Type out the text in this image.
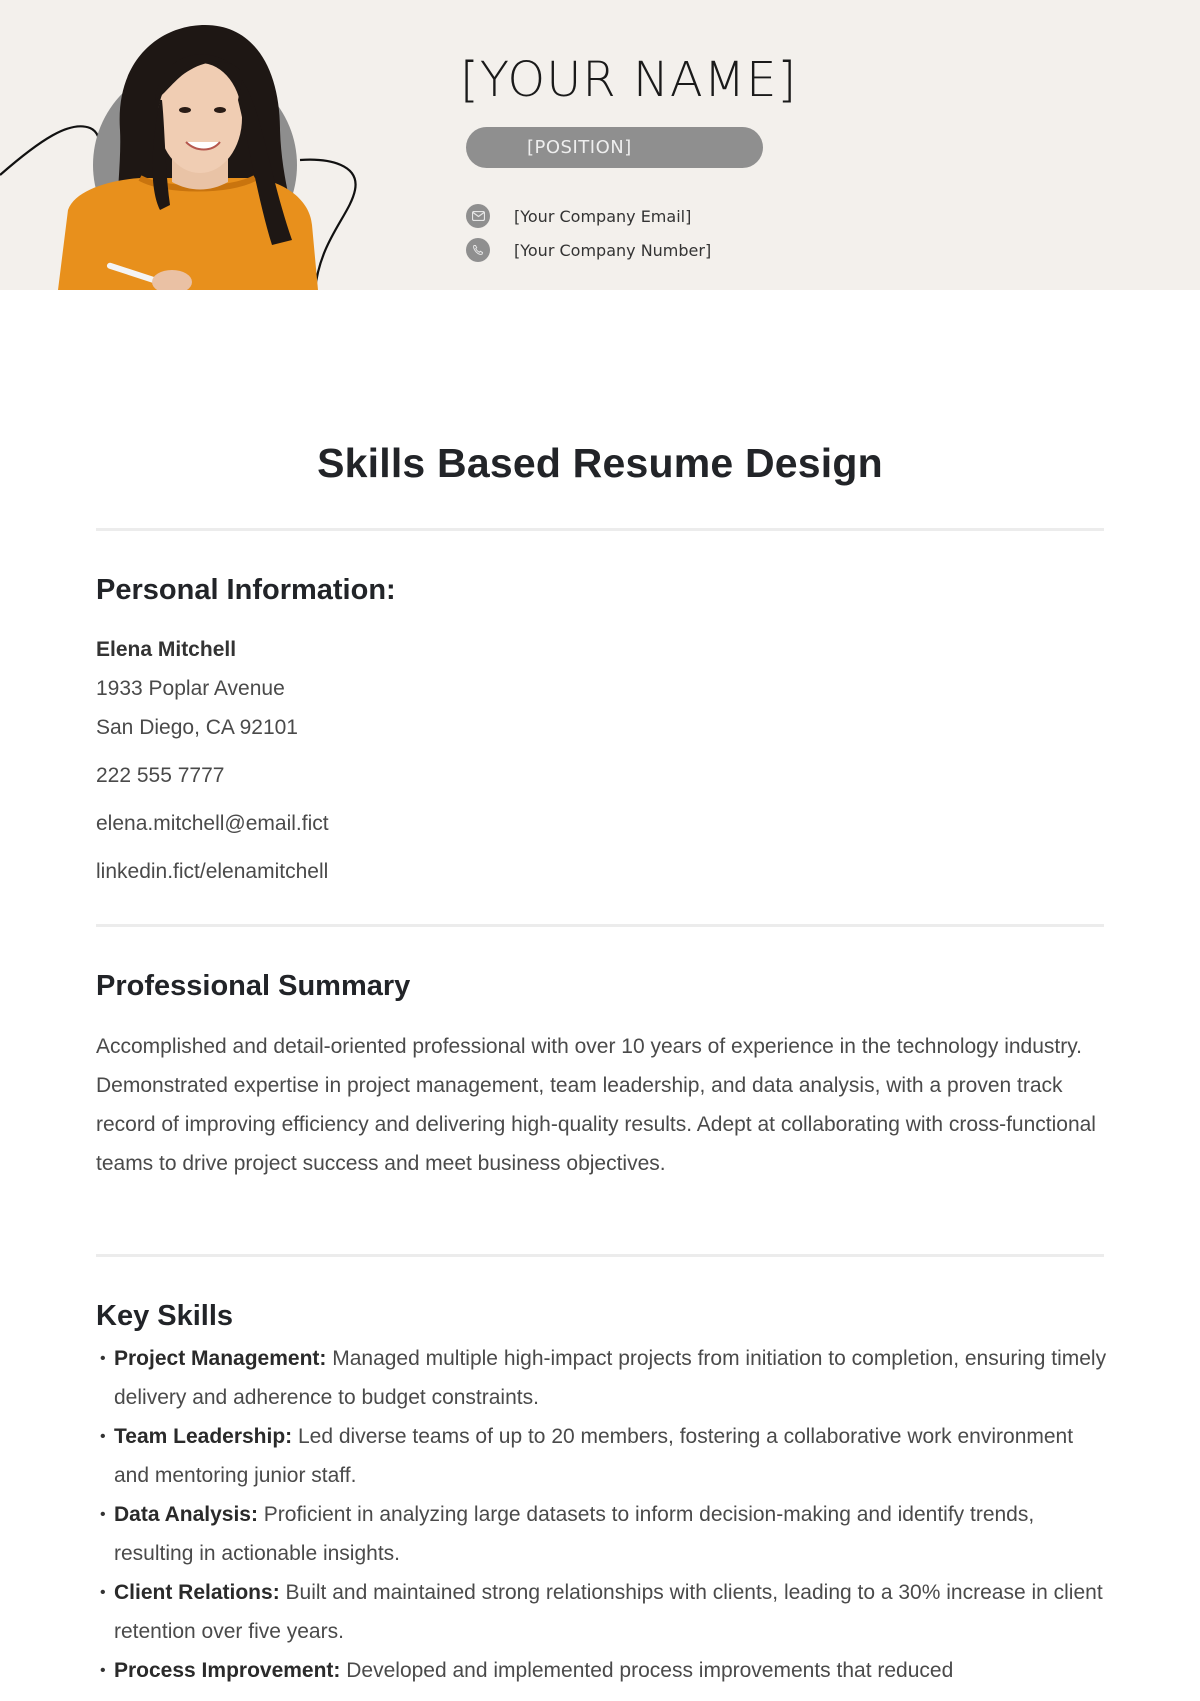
[YOUR NAME]
[POSITION]
[Your Company Email]
[Your Company Number]
Skills Based Resume Design
Personal Information:
Elena Mitchell
1933 Poplar Avenue
San Diego, CA 92101
222 555 7777
elena.mitchell@email.fict
linkedin.fict/elenamitchell
Professional Summary

Accomplished and detail-oriented professional with over 10 years of experience in the technology industry. Demonstrated expertise in project management, team leadership, and data analysis, with a proven track record of improving efficiency and delivering high-quality results. Adept at collaborating with cross-functional teams to drive project success and meet business objectives.

Key Skills
• Project Management: Managed multiple high-impact projects from initiation to completion, ensuring timely delivery and adherence to budget constraints.
• Team Leadership: Led diverse teams of up to 20 members, fostering a collaborative work environment and mentoring junior staff.
• Data Analysis: Proficient in analyzing large datasets to inform decision-making and identify trends, resulting in actionable insights.
• Client Relations: Built and maintained strong relationships with clients, leading to a 30% increase in client retention over five years.
• Process Improvement: Developed and implemented process improvements that reduced
